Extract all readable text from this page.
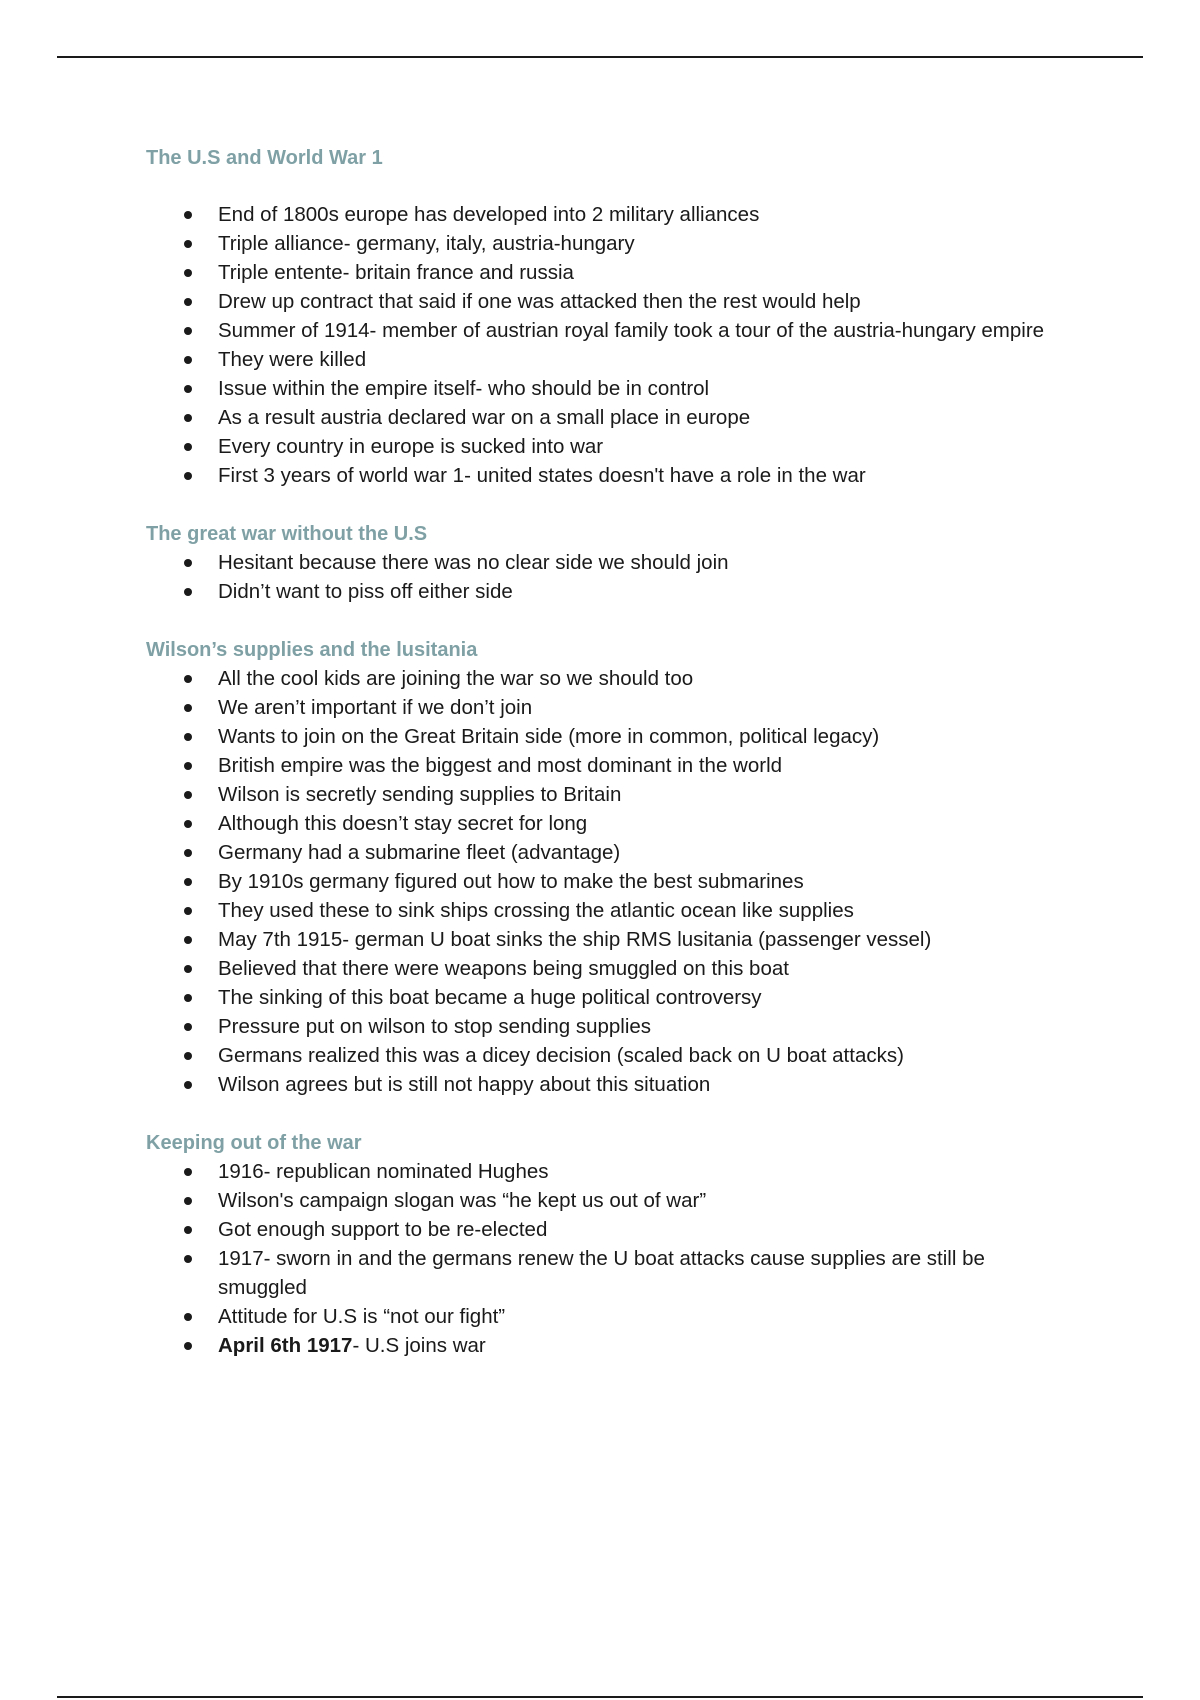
The U.S and World War 1
End of 1800s europe has developed into 2 military alliances
Triple alliance- germany, italy, austria-hungary
Triple entente- britain france and russia
Drew up contract that said if one was attacked then the rest would help
Summer of 1914- member of austrian royal family took a tour of the austria-hungary empire
They were killed
Issue within the empire itself- who should be in control
As a result austria declared war on a small place in europe
Every country in europe is sucked into war
First 3 years of world war 1- united states doesn't have a role in the war
The great war without the U.S
Hesitant because there was no clear side we should join
Didn’t want to piss off either side
Wilson’s supplies and the lusitania
All the cool kids are joining the war so we should too
We aren’t important if we don’t join
Wants to join on the Great Britain side (more in common, political legacy)
British empire was the biggest and most dominant in the world
Wilson is secretly sending supplies to Britain
Although this doesn’t stay secret for long
Germany had a submarine fleet (advantage)
By 1910s germany figured out how to make the best submarines
They used these to sink ships crossing the atlantic ocean like supplies
May 7th 1915- german U boat sinks the ship RMS lusitania (passenger vessel)
Believed that there were weapons being smuggled on this boat
The sinking of this boat became a huge political controversy
Pressure put on wilson to stop sending supplies
Germans realized this was a dicey decision (scaled back on U boat attacks)
Wilson agrees but is still not happy about this situation
Keeping out of the war
1916- republican nominated Hughes
Wilson's campaign slogan was “he kept us out of war”
Got enough support to be re-elected
1917- sworn in and the germans renew the U boat attacks cause supplies are still be smuggled
Attitude for U.S is “not our fight”
April 6th 1917- U.S joins war
